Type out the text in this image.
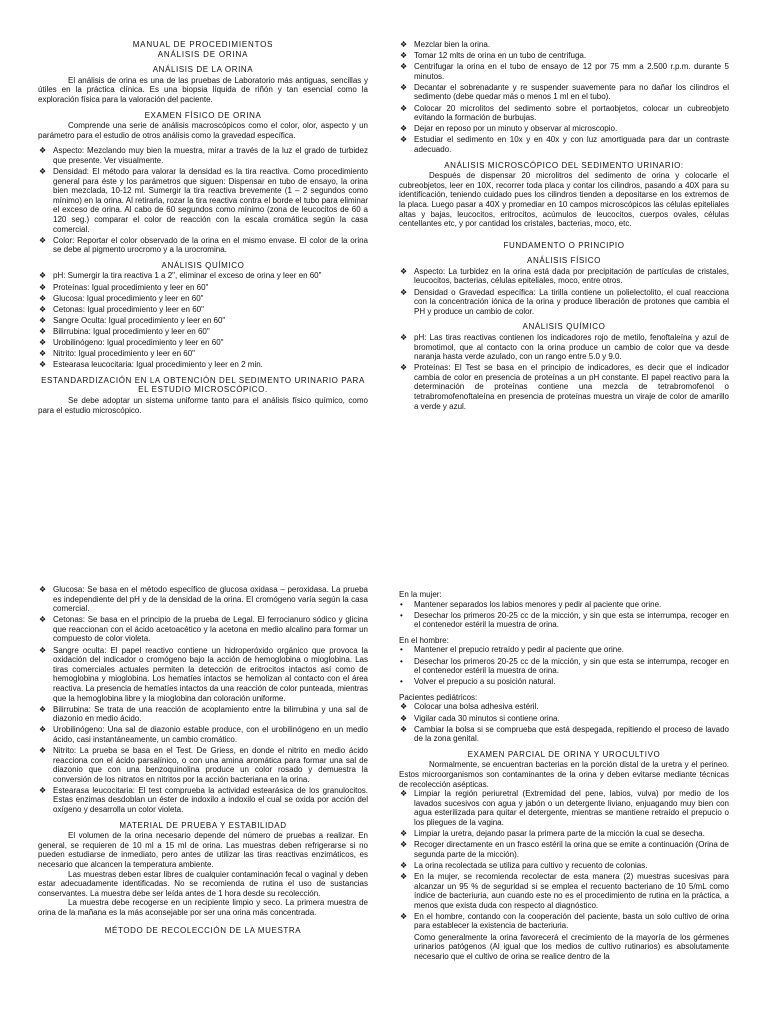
MANUAL DE PROCEDIMIENTOS
ANÁLISIS DE ORINA
ANÁLISIS DE LA ORINA

El análisis de orina es una de las pruebas de Laboratorio más antiguas, sencillas y útiles en la práctica clínica. Es una biopsia líquida de riñón y tan esencial como la exploración física para la valoración del paciente.

EXAMEN FÍSICO DE ORINA

Comprende una serie de análisis macroscópicos como el color, olor, aspecto y un parámetro para el estudio de otros análisis como la gravedad específica.

❖ Aspecto: Mezclando muy bien la muestra, mirar a través de la luz el grado de turbidez que presente. Ver visualmente.
❖ Densidad: El método para valorar la densidad es la tira reactiva. Como procedimiento general para éste y los parámetros que siguen: Dispensar en tubo de ensayo, la orina bien mezclada, 10-12 ml. Sumergir la tira reactiva brevemente (1 – 2 segundos como mínimo) en la orina. Al retirarla, rozar la tira reactiva contra el borde el tubo para eliminar el exceso de orina. Al cabo de 60 segundos como mínimo (zona de leucocitos de 60 a 120 seg.) comparar el color de reacción con la escala cromática según la casa comercial.
❖ Color: Reportar el color observado de la orina en el mismo envase. El color de la orina se debe al pigmento urocromo y a la urocromina.
ANÁLISIS QUÍMICO
❖ pH: Sumergir la tira reactiva 1 a 2", eliminar el exceso de orina y leer en 60"
❖ Proteínas: Igual procedimiento y leer en 60"
❖ Glucosa: Igual procedimiento y leer en 60"
❖ Cetonas: Igual procedimiento y leer en 60"
❖ Sangre Oculta: Igual procedimiento y leer en 60"
❖ Bilirrubina: Igual procedimiento y leer en 60"
❖ Urobilinógeno: Igual procedimiento y leer en 60"
❖ Nitrito: Igual procedimiento y leer en 60"
❖ Estearasa leucocitaria: Igual procedimiento y leer en 2 min.
ESTANDARDIZACIÓN EN LA OBTENCIÓN DEL SEDIMENTO URINARIO PARA EL ESTUDIO MICROSCÓPICO.

Se debe adoptar un sistema uniforme tanto para el análisis físico químico, como para el estudio microscópico.

❖ Mezclar bien la orina.
❖ Tomar 12 mlts de orina en un tubo de centrifuga.
❖ Centrifugar la orina en el tubo de ensayo de 12 por 75 mm a 2.500 r.p.m. durante 5 minutos.
❖ Decantar el sobrenadante y re suspender suavemente para no dañar los cilindros el sedimento (debe quedar más o menos 1 ml en el tubo).
❖ Colocar 20 microlitos del sedimento sobre el portaobjetos, colocar un cubreobjeto evitando la formación de burbujas.
❖ Dejar en reposo por un minuto y observar al microscopio.
❖ Estudiar el sedimento en 10x y en 40x y con luz amortiguada para dar un contraste adecuado.
ANÁLISIS MICROSCÓPICO DEL SEDIMENTO URINARIO:

Después de dispensar 20 microlitros del sedimento de orina y colocarle el cubreobjetos, leer en 10X, recorrer toda placa y contar los cilindros, pasando a 40X para su identificación, teniendo cuidado pues los cilindros tienden a depositarse en los extremos de la placa. Luego pasar a 40X y promediar en 10 campos microscópicos las células epiteliales altas y bajas, leucocitos, eritrocitos, acúmulos de leucocitos, cuerpos ovales, células centellantes etc, y por cantidad los cristales, bacterias, moco, etc.

FUNDAMENTO O PRINCIPIO
ANÁLISIS FÍSICO
❖ Aspecto: La turbidez en la orina está dada por precipitación de partículas de cristales, leucocitos, bacterias, células epiteliales, moco, entre otros.
❖ Densidad o Gravedad específica: La tirilla contiene un polielectolito, el cual reacciona con la concentración iónica de la orina y produce liberación de protones que cambia el PH y produce un cambio de color.
ANÁLISIS QUÍMICO
❖ pH: Las tiras reactivas contienen los indicadores rojo de metilo, fenoftaleína y azul de bromotimol, que al contacto con la orina produce un cambio de color que va desde naranja hasta verde azulado, con un rango entre 5.0 y 9.0.
❖ Proteínas: El Test se basa en el principio de indicadores, es decir que el indicador cambia de color en presencia de proteínas a un pH constante. El papel reactivo para la determinación de proteínas contiene una mezcla de tetrabromofenol o tetrabromofenoftaleína en presencia de proteínas muestra un viraje de color de amarillo a verde y azul.
❖ Glucosa: Se basa en el método específico de glucosa oxidasa – peroxidasa. La prueba es independiente del pH y de la densidad de la orina. El cromógeno varía según la casa comercial.
❖ Cetonas: Se basa en el principio de la prueba de Legal. El ferrocianuro sódico y glicina que reaccionan con el ácido acetoacético y la acetona en medio alcalino para formar un compuesto de color violeta.
❖ Sangre oculta: El papel reactivo contiene un hidroperóxido orgánico que provoca la oxidación del indicador o cromógeno bajo la acción de hemoglobina o mioglobina. Las tiras comerciales actuales permiten la detección de eritrocitos intactos así como de hemoglobina y mioglobina. Los hematíes intactos se hemolizan al contacto con el área reactiva. La presencia de hematíes intactos da una reacción de color punteada, mientras que la hemoglobina libre y la mioglobina dan coloración uniforme.
❖ Bilirrubina: Se trata de una reacción de acoplamiento entre la bilirrubina y una sal de diazonio en medio ácido.
❖ Urobilinógeno: Una sal de diazonio estable produce, con el urobilinógeno en un medio ácido, casi instantáneamente, un cambio cromático.
❖ Nitrito: La prueba se basa en el Test. De Griess, en donde el nitrito en medio ácido reacciona con el ácido parsalínico, o con una amina aromática para formar una sal de diazonio que con una benzoquinolina produce un color rosado y demuestra la conversión de los nitratos en nitritos por la acción bacteriana en la orina.
❖ Estearasa leucocitaria: El test comprueba la actividad estearásica de los granulocitos. Estas enzimas desdoblan un éster de indoxilo a indoxilo el cual se oxida por acción del oxígeno y desarrolla un color violeta.
MATERIAL DE PRUEBA Y ESTABILIDAD

El volumen de la orina necesario depende del número de pruebas a realizar. En general, se requieren de 10 ml a 15 ml de orina. Las muestras deben refrigerarse si no pueden estudiarse de inmediato, pero antes de utilizar las tiras reactivas enzimáticos, es necesario que alcancen la temperatura ambiente.

Las muestras deben estar libres de cualquier contaminación fecal o vaginal y deben estar adecuadamente identificadas. No se recomienda de rutina el uso de sustancias conservantes. La muestra debe ser leída antes de 1 hora desde su recolección.

La muestra debe recogerse en un recipiente limpio y seco. La primera muestra de orina de la mañana es la más aconsejable por ser una orina más concentrada.

MÉTODO DE RECOLECCIÓN DE LA MUESTRA
En la mujer:
• Mantener separados los labios menores y pedir al paciente que orine.
• Desechar los primeros 20-25 cc de la micción, y sin que esta se interrumpa, recoger en el contenedor estéril la muestra de orina.
En el hombre:
• Mantener el prepucio retraído y pedir al paciente que orine.
• Desechar los primeros 20-25 cc de la micción, y sin que esta se interrumpa, recoger en el contenedor estéril la muestra de orina.
• Volver el prepucio a su posición natural.
Pacientes pediátricos:
❖ Colocar una bolsa adhesiva estéril.
❖ Vigilar cada 30 minutos si contiene orina.
❖ Cambiar la bolsa si se comprueba que está despegada, repitiendo el proceso de lavado de la zona genital.
EXAMEN PARCIAL DE ORINA Y UROCULTIVO

Normalmente, se encuentran bacterias en la porción distal de la uretra y el perineo. Estos microorganismos son contaminantes de la orina y deben evitarse mediante técnicas de recolección asépticas.

❖ Limpiar la región periuretral (Extremidad del pene, labios, vulva) por medio de los lavados sucesivos con agua y jabón o un detergente liviano, enjuagando muy bien con agua esterilizada para quitar el detergente, mientras se mantiene retraído el prepucio o los pliegues de la vagina.
❖ Limpiar la uretra, dejando pasar la primera parte de la micción la cual se desecha.
❖ Recoger directamente en un frasco estéril la orina que se emite a continuación (Orina de segunda parte de la micción).
❖ La orina recolectada se utiliza para cultivo y recuento de colonias.
❖ En la mujer, se recomienda recolectar de esta manera (2) muestras sucesivas para alcanzar un 95 % de seguridad si se emplea el recuento bacteriano de 10 5/mL como índice de bacteriuria, aun cuando este no es el procedimiento de rutina en la práctica, a menos que exista duda con respecto al diagnóstico.
❖ En el hombre, contando con la cooperación del paciente, basta un solo cultivo de orina para establecer la existencia de bacteriuria.

Como generalmente la orina favorecerá el crecimiento de la mayoría de los gérmenes urinarios patógenos (Al igual que los medios de cultivo rutinarios) es absolutamente necesario que el cultivo de orina se realice dentro de la
